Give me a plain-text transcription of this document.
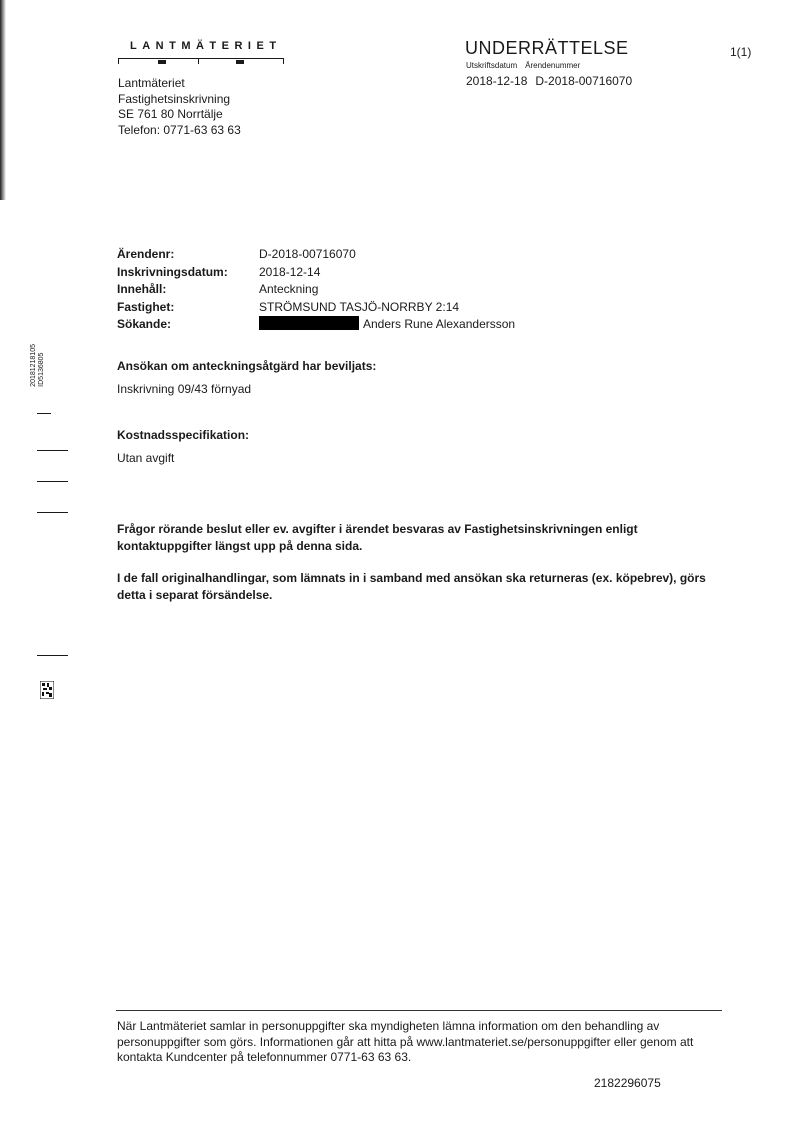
LANTMÄTERIET
Lantmäteriet
Fastighetsinskrivning
SE 761 80 Norrtälje
Telefon: 0771-63 63 63
UNDERRÄTTELSE	1(1)
Utskriftsdatum Ärendenummer
2018-12-18 D-2018-00716070
Ärendenr:	D-2018-00716070
Inskrivningsdatum:	2018-12-14
Innehåll:	Anteckning
Fastighet:	STRÖMSUND TASJÖ-NORRBY 2:14
Sökande:	Anders Rune Alexandersson
Ansökan om anteckningsåtgärd har beviljats:
Inskrivning 09/43 förnyad
Kostnadsspecifikation:
Utan avgift
Frågor rörande beslut eller ev. avgifter i ärendet besvaras av Fastighetsinskrivningen enligt kontaktuppgifter längst upp på denna sida.
I de fall originalhandlingar, som lämnats in i samband med ansökan ska returneras (ex. köpebrev), görs detta i separat försändelse.
När Lantmäteriet samlar in personuppgifter ska myndigheten lämna information om den behandling av personuppgifter som görs. Informationen går att hitta på www.lantmateriet.se/personuppgifter eller genom att kontakta Kundcenter på telefonnummer 0771-63 63 63.
2182296075
20181218105 ID5136805
